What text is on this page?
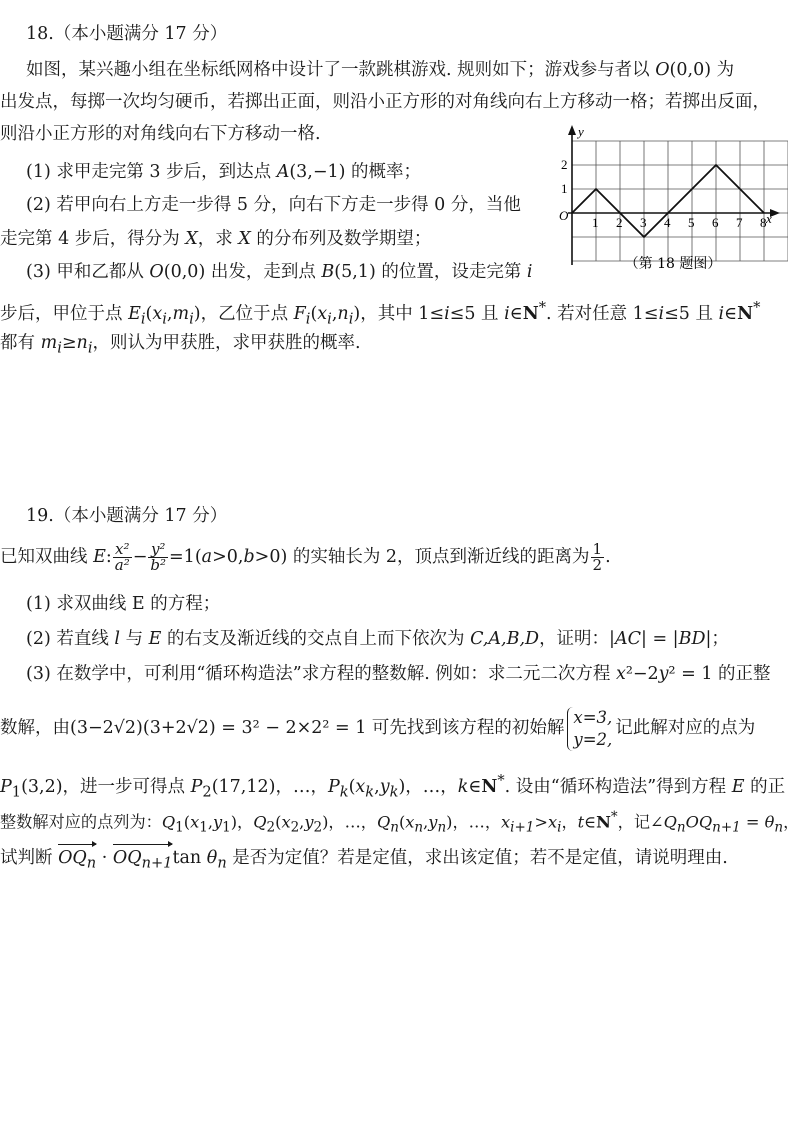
18.（本小题满分 17 分）
如图，某兴趣小组在坐标纸网格中设计了一款跳棋游戏. 规则如下；游戏参与者以 O(0,0) 为
出发点，每掷一次均匀硬币，若掷出正面，则沿小正方形的对角线向右上方移动一格；若掷出反面，
则沿小正方形的对角线向右下方移动一格.
(1) 求甲走完第 3 步后，到达点 A(3,−1) 的概率；
(2) 若甲向右上方走一步得 5 分，向右下方走一步得 0 分，当他
走完第 4 步后，得分为 X，求 X 的分布列及数学期望；
(3) 甲和乙都从 O(0,0) 出发，走到点 B(5,1) 的位置，设走完第 i
步后，甲位于点 $E_i(x_i,m_i)$，乙位于点 $F_i(x_i,n_i)$，其中 1≤i≤5 且 i∈N*. 若对任意 1≤i≤5 且 i∈N*
都有 $m_i\ge n_i$，则认为甲获胜，求甲获胜的概率.
x
y
O 1 2 3 4 5 6 7 8
1
2
（第 18 题图）
19.（本小题满分 17 分）
已知双曲线 E: $\frac{\text{x²}}{\text{a²}} - \frac{\text{y²}}{\text{b²}} =1(a>0,b>0)$ 的实轴长为 2，顶点到渐近线的距离为 $\frac{1}{2}$ .
(1) 求双曲线 E 的方程；
(2) 若直线 l 与 E 的右支及渐近线的交点自上而下依次为 C,A,B,D，证明：|AC| = |BD|；
(3) 在数学中，可利用“循环构造法”求方程的整数解. 例如：求二元二次方程 x²−2y² = 1 的正整
数解，由(3−2√2)(3+2√2) = 3² − 2×2² = 1 可先找到该方程的初始解
x=3,
y=2,
记此解对应的点为
$P_1(3,2)$，进一步可得点 $P_2(17,12)$，…，$P_k(x_k,y_k)$，…，k∈N*. 设由“循环构造法”得到方程 E 的正
整数解对应的点列为：$Q_1(x_1,y_1)$，$Q_2(x_2,y_2)$，…，$Q_n(x_n,y_n)$，…，$x_{i+1}>x_i$，t∈N*，记$\angle Q_nOQ_{n+1} = \theta_n$，
试判断 $OQ_n \cdot OQ_{n+1}\tan$ $\theta_n$ 是否为定值？若是定值，求出该定值；若不是定值，请说明理由.
